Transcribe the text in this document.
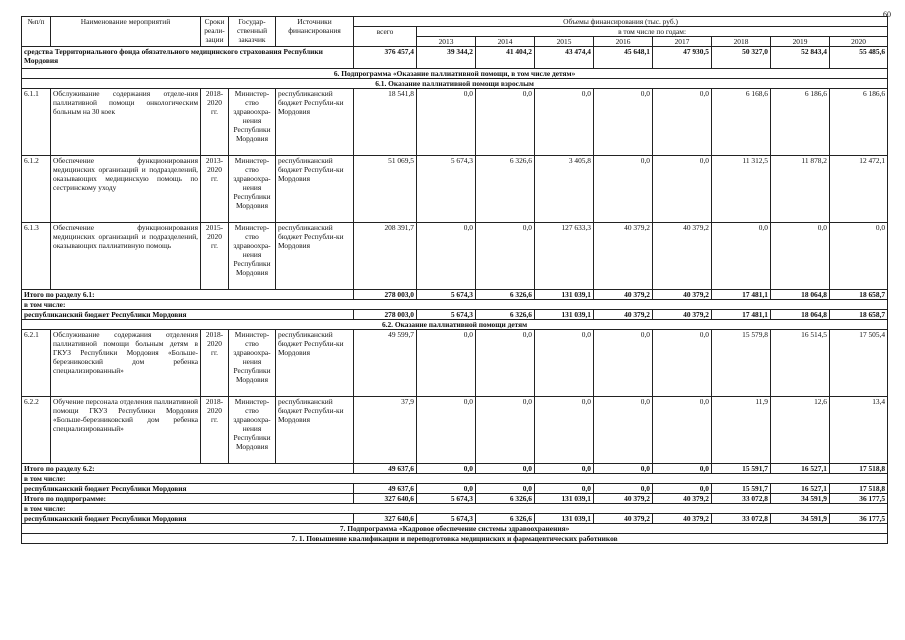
60
№п/п	Наименование мероприятий	Сроки реали-зации	Государ-ственный заказчик	Источники финансирования	Объемы финансирования (тыс. руб.)								
					всего	в том числе по годам:							
						2013	2014	2015	2016	2017	2018	2019	2020
средства Территориального фонда обязательного медицинского страхования Республики Мордовия					376 457,4	39 344,2	41 404,2	43 474,4	45 648,1	47 930,5	50 327,0	52 843,4	55 485,6
6. Подпрограмма «Оказание паллиативной помощи, в том числе детям»													
6.1. Оказание паллиативной помощи взрослым													
6.1.1	Обслуживание содержания отделе-ния паллиативной помощи онкологическим больным на 30 коек	2018-2020 гг.	Министер-ство здравоохра-нения Республики Мордовия	республиканский бюджет Республи-ки Мордовия	18 541,8	0,0	0,0	0,0	0,0	0,0	6 168,6	6 186,6	6 186,6
6.1.2	Обеспечение функционирования медицинских организаций и подразделений, оказывающих медицинскую помощь по сестринскому уходу	2013-2020 гг.	Министер-ство здравоохра-нения Республики Мордовия	республиканский бюджет Республи-ки Мордовия	51 069,5	5 674,3	6 326,6	3 405,8	0,0	0,0	11 312,5	11 878,2	12 472,1
6.1.3	Обеспечение функционирования медицинских организаций и подразделений, оказывающих паллиативную помощь	2015-2020 гг.	Министер-ство здравоохра-нения Республики Мордовия	республиканский бюджет Республи-ки Мордовия	208 391,7	0,0	0,0	127 633,3	40 379,2	40 379,2	0,0	0,0	0,0
Итого по разделу 6.1:					278 003,0	5 674,3	6 326,6	131 039,1	40 379,2	40 379,2	17 481,1	18 064,8	18 658,7
в том числе:													
республиканский бюджет Республики Мордовия					278 003,0	5 674,3	6 326,6	131 039,1	40 379,2	40 379,2	17 481,1	18 064,8	18 658,7
6.2. Оказание паллиативной помощи детям													
6.2.1	Обслуживание содержания отделения паллиативной помощи больным детям в ГКУЗ Республики Мордовия «Больше-березниковский дом ребенка специализированный»	2018-2020 гг.	Министер-ство здравоохра-нения Республики Мордовия	республиканский бюджет Республи-ки Мордовия	49 599,7	0,0	0,0	0,0	0,0	0,0	15 579,8	16 514,5	17 505,4
6.2.2	Обучение персонала отделения паллиативной помощи ГКУЗ Республики Мордовия «Больше-березниковский дом ребенка специализированный»	2018-2020 гг.	Министер-ство здравоохра-нения Республики Мордовия	республиканский бюджет Республи-ки Мордовия	37,9	0,0	0,0	0,0	0,0	0,0	11,9	12,6	13,4
Итого по разделу 6.2:					49 637,6	0,0	0,0	0,0	0,0	0,0	15 591,7	16 527,1	17 518,8
в том числе:													
республиканский бюджет Республики Мордовия					49 637,6	0,0	0,0	0,0	0,0	0,0	15 591,7	16 527,1	17 518,8
Итого по подпрограмме:					327 640,6	5 674,3	6 326,6	131 039,1	40 379,2	40 379,2	33 072,8	34 591,9	36 177,5
в том числе:													
республиканский бюджет Республики Мордовия					327 640,6	5 674,3	6 326,6	131 039,1	40 379,2	40 379,2	33 072,8	34 591,9	36 177,5
7. Подпрограмма «Кадровое обеспечение системы здравоохранения»													
7. 1. Повышение квалификации и переподготовка медицинских и фармацевтических работников													
